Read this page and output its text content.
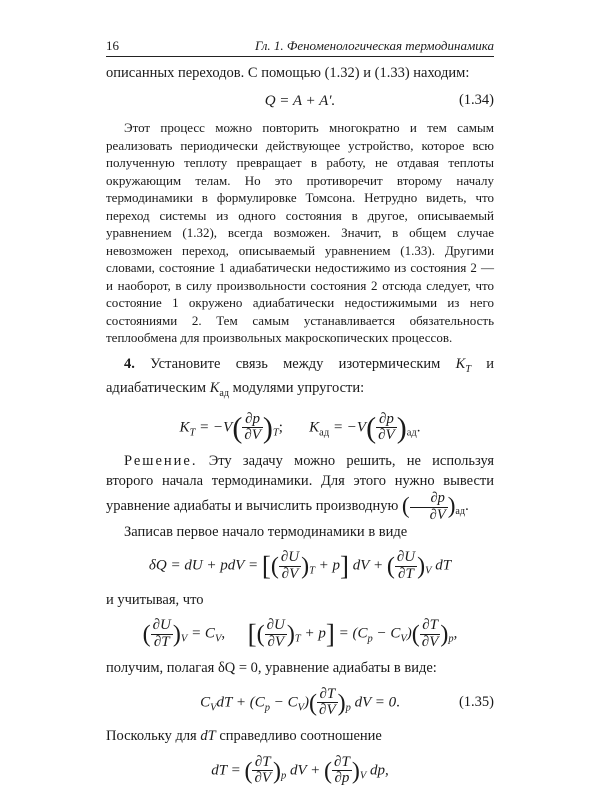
16	Гл. 1. Феноменологическая термодинамика

описанных переходов. С помощью (1.32) и (1.33) находим:

Q = A + A′.	(1.34)

Этот процесс можно повторить многократно и тем самым реализовать периодически действующее устройство, которое всю полученную теплоту превращает в работу, не отдавая теплоты окружающим телам. Но это противоречит второму началу термодинамики в формулировке Томсона. Нетрудно видеть, что переход системы из одного состояния в другое, описываемый уравнением (1.32), всегда возможен. Значит, в общем случае невозможен переход, описываемый уравнением (1.33). Другими словами, состояние 1 адиабатически недостижимо из состояния 2 — и наоборот, в силу произвольности состояния 2 отсюда следует, что состояние 1 окружено адиабатически недостижимыми из него состояниями 2. Тем самым устанавливается обязательность теплообмена для произвольных макроскопических процессов.

4. Установите связь между изотермическим $K_T$ и адиабатическим $K_{ад}$ модулями упругости:

$K_T = -V( \frac{\partial p}{\partial V} )_T$;       $K_{ад} = -V( \frac{\partial p}{\partial V} )_{ад}$.

Решение. Эту задачу можно решить, не используя второго начала термодинамики. Для этого нужно вывести уравнение адиабаты и вычислить производную ( $\frac{\partial p}{\partial V} )_{ад}$.

Записав первое начало термодинамики в виде

δQ = dU + pdV = [( $\frac{\partial U}{\partial V} )_T + p$] dV + ( $\frac{\partial U}{\partial T} )_V$ dT

и учитывая, что

( $\frac{\partial U}{\partial T} )_V = C_V$, [( $\frac{\partial U}{\partial V} )_T + p] = (C_p - C_V)( \frac{\partial T}{\partial V} )_p$,

получим, полагая δQ = 0, уравнение адиабаты в виде:

$C_VdT + (C_p - C_V)( \frac{\partial T}{\partial V} )_p$ dV = 0.	(1.35)

Поскольку для dT справедливо соотношение

dT = ( $\frac{\partial T}{\partial V} )_p$ dV + ( $\frac{\partial T}{\partial p} )_V$ dp,
